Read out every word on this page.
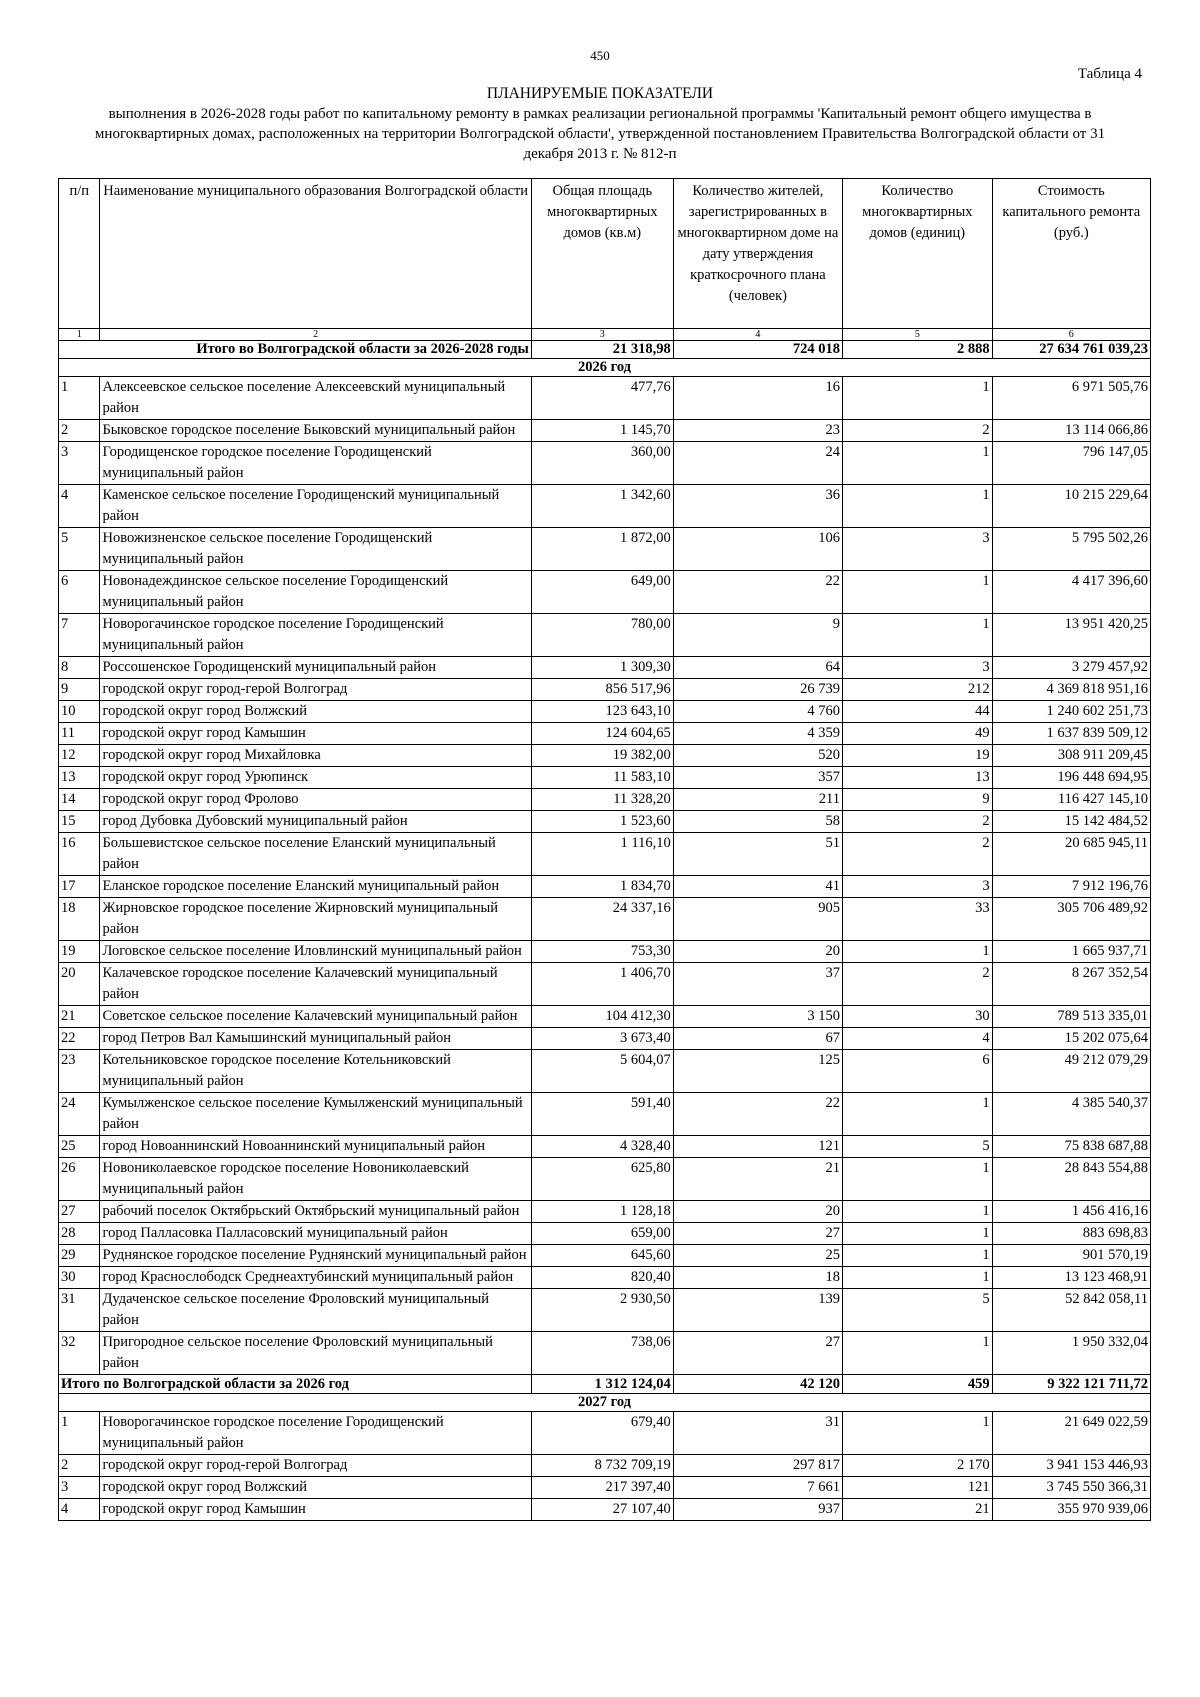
450
Таблица 4
ПЛАНИРУЕМЫЕ ПОКАЗАТЕЛИ
выполнения в 2026-2028 годы работ по капитальному ремонту в рамках реализации региональной программы 'Капитальный ремонт общего имущества в многоквартирных домах, расположенных на территории Волгоградской области', утвержденной постановлением Правительства Волгоградской области от 31 декабря 2013 г. № 812-п
п/п	Наименование муниципального образования Волгоградской области	Общая площадь многоквартирных домов (кв.м)	Количество жителей, зарегистрированных в многоквартирном доме на дату утверждения краткосрочного плана (человек)	Количество многоквартирных домов (единиц)	Стоимость капитального ремонта (руб.)
1	2	3	4	5	6
Итого во Волгоградской области за 2026-2028 годы		21 318,98	724 018	2 888	27 634 761 039,23
2026 год					
1	Алексеевское сельское поселение Алексеевский муниципальный район	477,76	16	1	6 971 505,76
2	Быковское городское поселение Быковский муниципальный район	1 145,70	23	2	13 114 066,86
3	Городищенское городское поселение Городищенский муниципальный район	360,00	24	1	796 147,05
4	Каменское сельское поселение Городищенский муниципальный район	1 342,60	36	1	10 215 229,64
5	Новожизненское сельское поселение Городищенский муниципальный район	1 872,00	106	3	5 795 502,26
6	Новонадеждинское сельское поселение Городищенский муниципальный район	649,00	22	1	4 417 396,60
7	Новорогачинское городское поселение Городищенский муниципальный район	780,00	9	1	13 951 420,25
8	Россошенское Городищенский муниципальный район	1 309,30	64	3	3 279 457,92
9	городской округ город-герой Волгоград	856 517,96	26 739	212	4 369 818 951,16
10	городской округ город Волжский	123 643,10	4 760	44	1 240 602 251,73
11	городской округ город Камышин	124 604,65	4 359	49	1 637 839 509,12
12	городской округ город Михайловка	19 382,00	520	19	308 911 209,45
13	городской округ город Урюпинск	11 583,10	357	13	196 448 694,95
14	городской округ город Фролово	11 328,20	211	9	116 427 145,10
15	город Дубовка Дубовский муниципальный район	1 523,60	58	2	15 142 484,52
16	Большевистское сельское поселение Еланский муниципальный район	1 116,10	51	2	20 685 945,11
17	Еланское городское поселение Еланский муниципальный район	1 834,70	41	3	7 912 196,76
18	Жирновское городское поселение Жирновский муниципальный район	24 337,16	905	33	305 706 489,92
19	Логовское сельское поселение Иловлинский муниципальный район	753,30	20	1	1 665 937,71
20	Калачевское городское поселение Калачевский муниципальный район	1 406,70	37	2	8 267 352,54
21	Советское сельское поселение Калачевский муниципальный район	104 412,30	3 150	30	789 513 335,01
22	город Петров Вал Камышинский муниципальный район	3 673,40	67	4	15 202 075,64
23	Котельниковское городское поселение Котельниковский муниципальный район	5 604,07	125	6	49 212 079,29
24	Кумылженское сельское поселение Кумылженский муниципальный район	591,40	22	1	4 385 540,37
25	город Новоаннинский Новоаннинский муниципальный район	4 328,40	121	5	75 838 687,88
26	Новониколаевское городское поселение Новониколаевский муниципальный район	625,80	21	1	28 843 554,88
27	рабочий поселок Октябрьский Октябрьский муниципальный район	1 128,18	20	1	1 456 416,16
28	город Палласовка Палласовский муниципальный район	659,00	27	1	883 698,83
29	Руднянское городское поселение Руднянский муниципальный район	645,60	25	1	901 570,19
30	город Краснослободск Среднеахтубинский муниципальный район	820,40	18	1	13 123 468,91
31	Дудаченское сельское поселение Фроловский муниципальный район	2 930,50	139	5	52 842 058,11
32	Пригородное сельское поселение Фроловский муниципальный район	738,06	27	1	1 950 332,04
Итого по Волгоградской области за 2026 год		1 312 124,04	42 120	459	9 322 121 711,72
2027 год					
1	Новорогачинское городское поселение Городищенский муниципальный район	679,40	31	1	21 649 022,59
2	городской округ город-герой Волгоград	8 732 709,19	297 817	2 170	3 941 153 446,93
3	городской округ город Волжский	217 397,40	7 661	121	3 745 550 366,31
4	городской округ город Камышин	27 107,40	937	21	355 970 939,06
